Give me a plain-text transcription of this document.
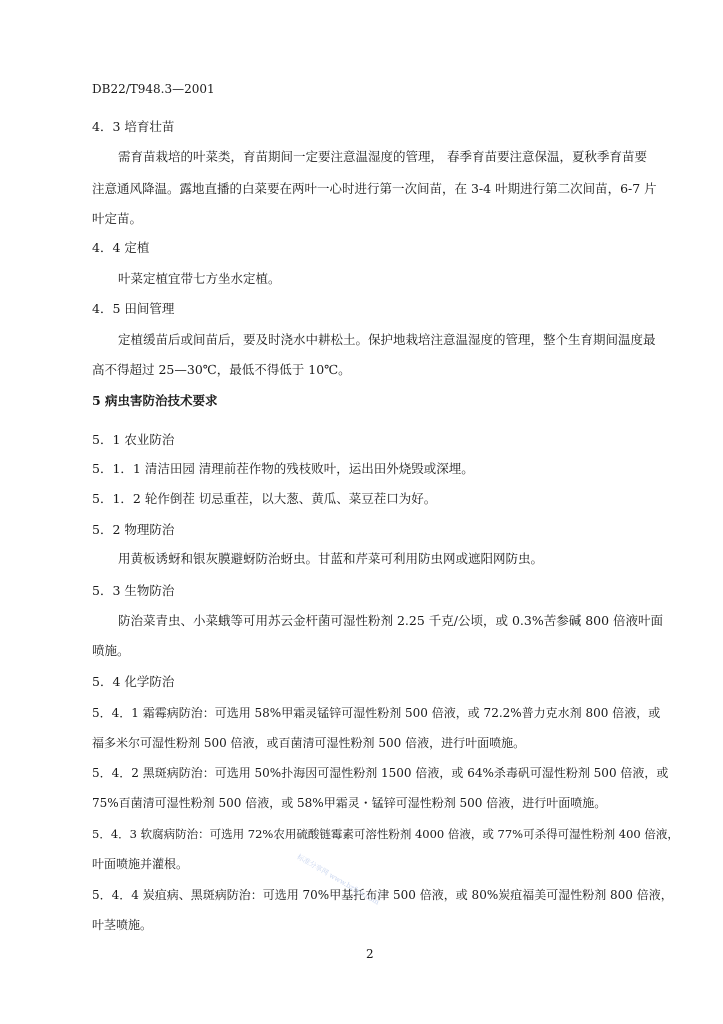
DB22/T948.3—2001
4．3 培育壮苗
需育苗栽培的叶菜类，育苗期间一定要注意温湿度的管理， 春季育苗要注意保温，夏秋季育苗要
注意通风降温。露地直播的白菜要在两叶一心时进行第一次间苗，在 3-4 叶期进行第二次间苗，6-7 片
叶定苗。
4．4 定植
叶菜定植宜带七方坐水定植。
4．5 田间管理
定植缓苗后或间苗后，要及时浇水中耕松土。保护地栽培注意温湿度的管理，整个生育期间温度最
高不得超过 25—30℃，最低不得低于 10℃。
5 病虫害防治技术要求
5．1 农业防治
5．1．1 清洁田园 清理前茬作物的残枝败叶，运出田外烧毁或深埋。
5．1．2 轮作倒茬 切忌重茬，以大葱、黄瓜、菜豆茬口为好。
5．2 物理防治
用黄板诱蚜和银灰膜避蚜防治蚜虫。甘蓝和芹菜可利用防虫网或遮阳网防虫。
5．3 生物防治
防治菜青虫、小菜蛾等可用苏云金杆菌可湿性粉剂 2.25 千克/公顷，或 0.3%苦参碱 800 倍液叶面
喷施。
5．4 化学防治
5．4．1 霜霉病防治：可选用 58%甲霜灵锰锌可湿性粉剂 500 倍液，或 72.2%普力克水剂 800 倍液，或
福多米尔可湿性粉剂 500 倍液，或百菌清可湿性粉剂 500 倍液，进行叶面喷施。
5．4．2 黑斑病防治：可选用 50%扑海因可湿性粉剂 1500 倍液，或 64%杀毒矾可湿性粉剂 500 倍液，或
75%百菌清可湿性粉剂 500 倍液，或 58%甲霜灵・锰锌可湿性粉剂 500 倍液，进行叶面喷施。
5．4．3 软腐病防治：可选用 72%农用硫酸链霉素可溶性粉剂 4000 倍液，或 77%可杀得可湿性粉剂 400 倍液，
叶面喷施并灌根。
5．4．4 炭疽病、黑斑病防治：可选用 70%甲基托布津 500 倍液，或 80%炭疽福美可湿性粉剂 800 倍液，
叶茎喷施。
标准分享网 www.bzfxw.com
2
